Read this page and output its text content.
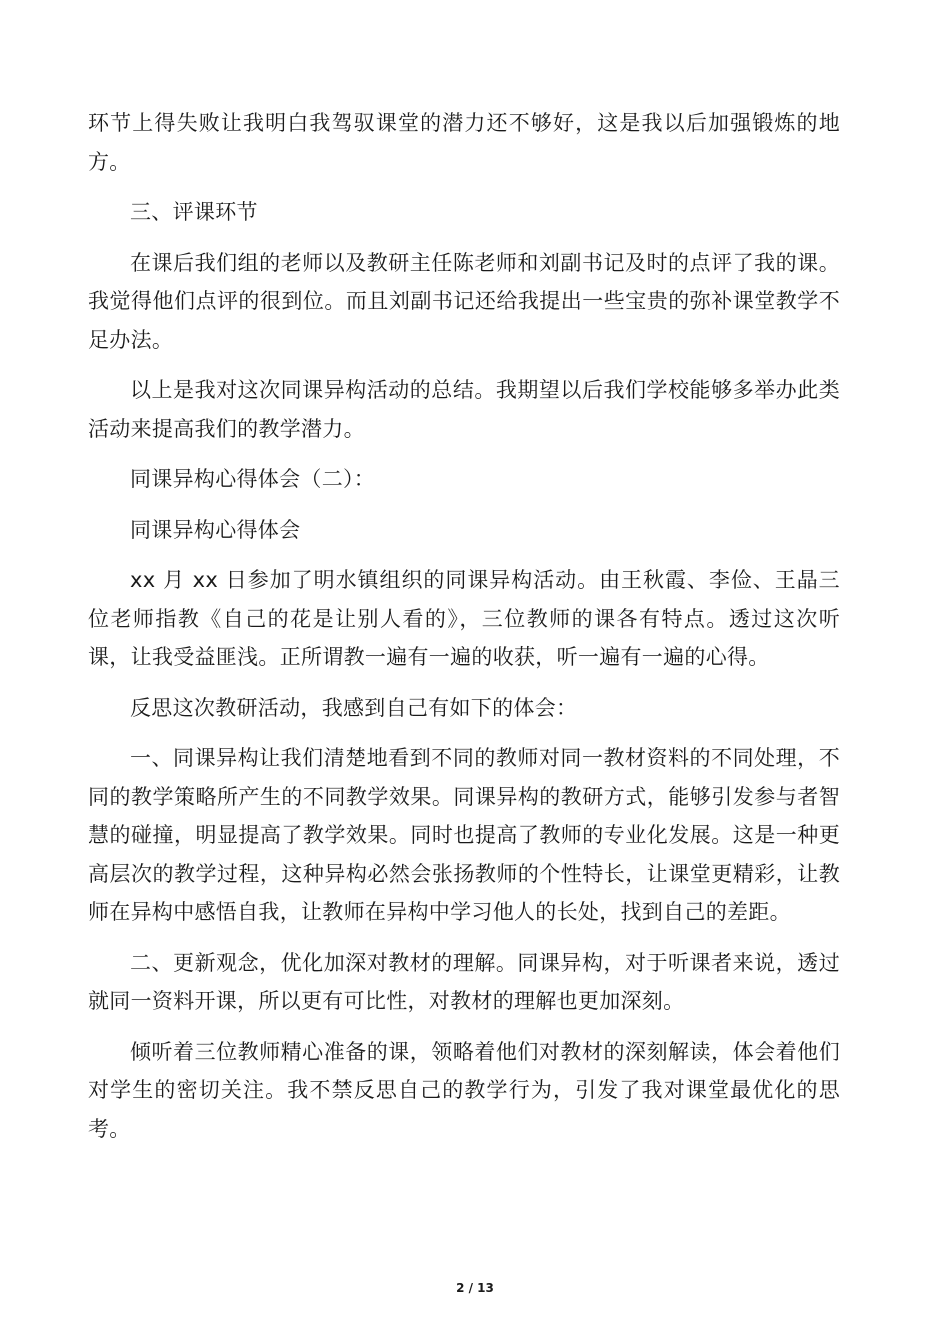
环节上得失败让我明白我驾驭课堂的潜力还不够好，这是我以后加强锻炼的地方。

三、评课环节

在课后我们组的老师以及教研主任陈老师和刘副书记及时的点评了我的课。我觉得他们点评的很到位。而且刘副书记还给我提出一些宝贵的弥补课堂教学不足办法。

以上是我对这次同课异构活动的总结。我期望以后我们学校能够多举办此类活动来提高我们的教学潜力。

同课异构心得体会（二）：

同课异构心得体会

xx 月 xx 日参加了明水镇组织的同课异构活动。由王秋霞、李俭、王晶三位老师指教《自己的花是让别人看的》，三位教师的课各有特点。透过这次听课，让我受益匪浅。正所谓教一遍有一遍的收获，听一遍有一遍的心得。

反思这次教研活动，我感到自己有如下的体会：

一、同课异构让我们清楚地看到不同的教师对同一教材资料的不同处理，不同的教学策略所产生的不同教学效果。同课异构的教研方式，能够引发参与者智慧的碰撞，明显提高了教学效果。同时也提高了教师的专业化发展。这是一种更高层次的教学过程，这种异构必然会张扬教师的个性特长，让课堂更精彩，让教师在异构中感悟自我，让教师在异构中学习他人的长处，找到自己的差距。

二、更新观念，优化加深对教材的理解。同课异构，对于听课者来说，透过就同一资料开课，所以更有可比性，对教材的理解也更加深刻。

倾听着三位教师精心准备的课，领略着他们对教材的深刻解读，体会着他们对学生的密切关注。我不禁反思自己的教学行为，引发了我对课堂最优化的思考。

2 / 13
